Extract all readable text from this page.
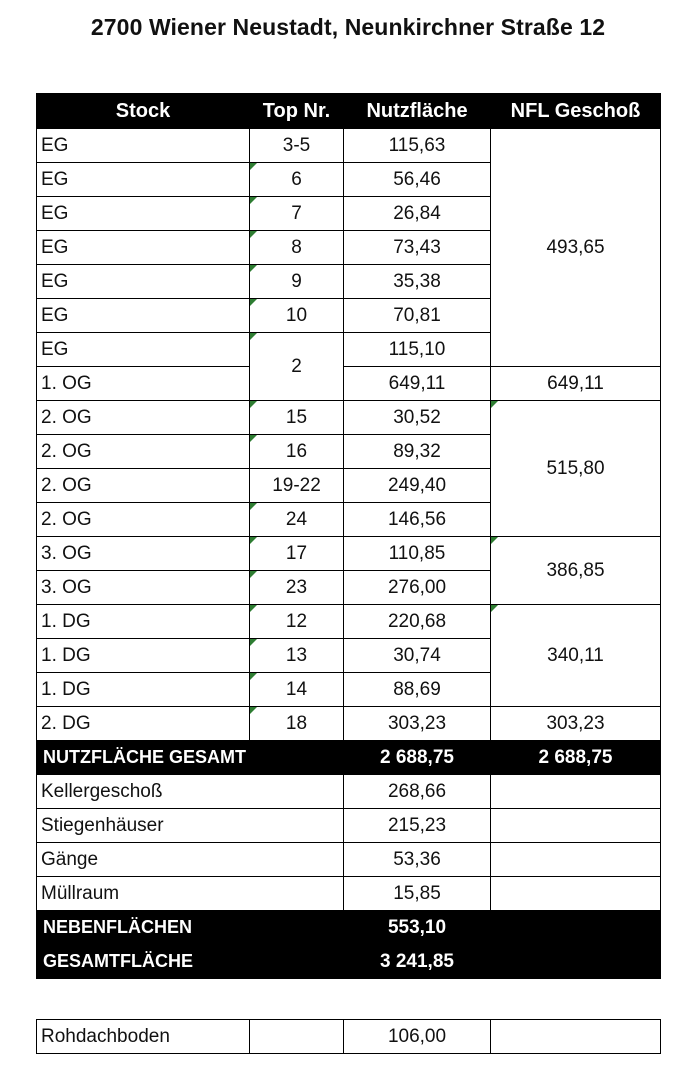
2700 Wiener Neustadt, Neunkirchner Straße 12
Stock	Top Nr.	Nutzfläche	NFL Geschoß
EG	3-5	115,63	493,65
EG	6	56,46	
EG	7	26,84	
EG	8	73,43	
EG	9	35,38	
EG	10	70,81	
EG	2	115,10	
1. OG		649,11	649,11
2. OG	15	30,52	515,80
2. OG	16	89,32	
2. OG	19-22	249,40	
2. OG	24	146,56	
3. OG	17	110,85	386,85
3. OG	23	276,00	
1. DG	12	220,68	340,11
1. DG	13	30,74	
1. DG	14	88,69	
2. DG	18	303,23	303,23
NUTZFLÄCHE GESAMT		2 688,75	2 688,75
Kellergeschoß		268,66	
Stiegenhäuser		215,23	
Gänge		53,36	
Müllraum		15,85	
NEBENFLÄCHEN		553,10	
GESAMTFLÄCHE		3 241,85	
Rohdachboden		106,00	
